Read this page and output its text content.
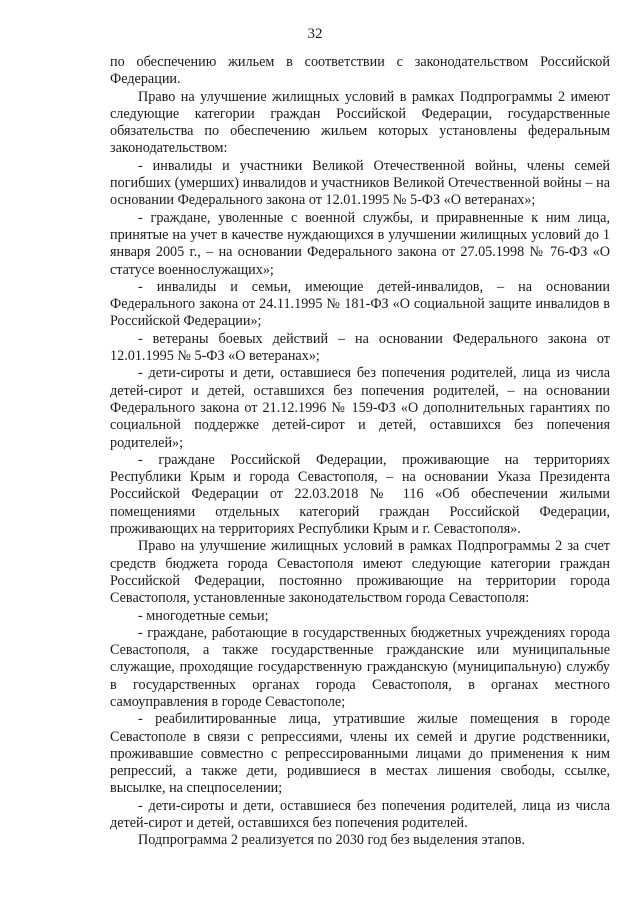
32

по обеспечению жильем в соответствии с законодательством Российской Федерации.

Право на улучшение жилищных условий в рамках Подпрограммы 2 имеют следующие категории граждан Российской Федерации, государственные обязательства по обеспечению жильем которых установлены федеральным законодательством:

- инвалиды и участники Великой Отечественной войны, члены семей погибших (умерших) инвалидов и участников Великой Отечественной войны – на основании Федерального закона от 12.01.1995 № 5-ФЗ «О ветеранах»;

- граждане, уволенные с военной службы, и приравненные к ним лица, принятые на учет в качестве нуждающихся в улучшении жилищных условий до 1 января 2005 г., – на основании Федерального закона от 27.05.1998 № 76-ФЗ «О статусе военнослужащих»;

- инвалиды и семьи, имеющие детей-инвалидов, – на основании Федерального закона от 24.11.1995 № 181-ФЗ «О социальной защите инвалидов в Российской Федерации»;

- ветераны боевых действий – на основании Федерального закона от 12.01.1995 № 5-ФЗ «О ветеранах»;

- дети-сироты и дети, оставшиеся без попечения родителей, лица из числа детей-сирот и детей, оставшихся без попечения родителей, – на основании Федерального закона от 21.12.1996 № 159-ФЗ «О дополнительных гарантиях по социальной поддержке детей-сирот и детей, оставшихся без попечения родителей»;

- граждане Российской Федерации, проживающие на территориях Республики Крым и города Севастополя, – на основании Указа Президента Российской Федерации от 22.03.2018 № 116 «Об обеспечении жилыми помещениями отдельных категорий граждан Российской Федерации, проживающих на территориях Республики Крым и г. Севастополя».

Право на улучшение жилищных условий в рамках Подпрограммы 2 за счет средств бюджета города Севастополя имеют следующие категории граждан Российской Федерации, постоянно проживающие на территории города Севастополя, установленные законодательством города Севастополя:

- многодетные семьи;

- граждане, работающие в государственных бюджетных учреждениях города Севастополя, а также государственные гражданские или муниципальные служащие, проходящие государственную гражданскую (муниципальную) службу в государственных органах города Севастополя, в органах местного самоуправления в городе Севастополе;

- реабилитированные лица, утратившие жилые помещения в городе Севастополе в связи с репрессиями, члены их семей и другие родственники, проживавшие совместно с репрессированными лицами до применения к ним репрессий, а также дети, родившиеся в местах лишения свободы, ссылке, высылке, на спецпоселении;

- дети-сироты и дети, оставшиеся без попечения родителей, лица из числа детей-сирот и детей, оставшихся без попечения родителей.

Подпрограмма 2 реализуется по 2030 год без выделения этапов.
